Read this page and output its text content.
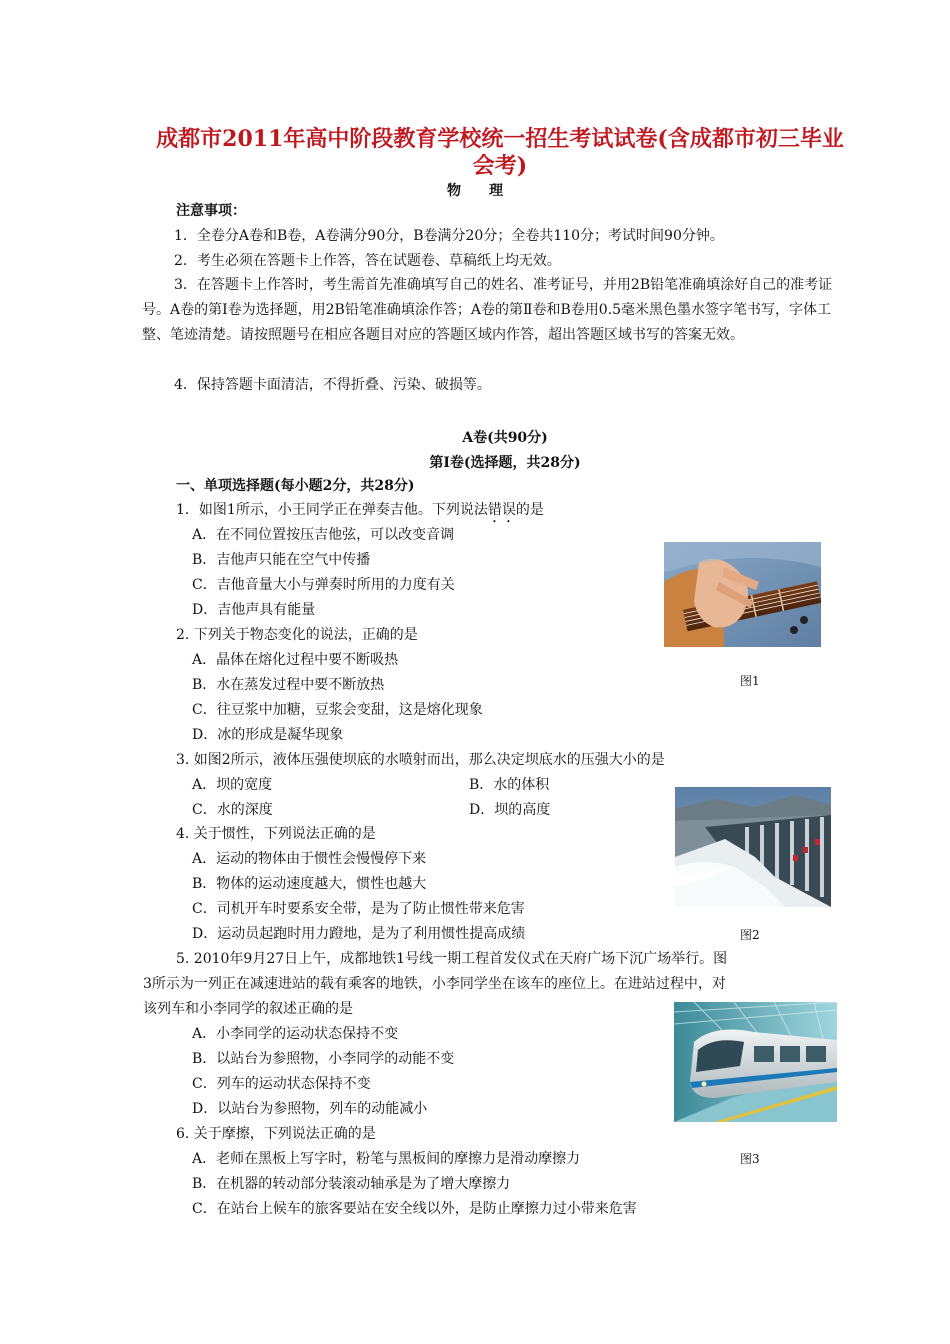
成都市2011年高中阶段教育学校统一招生考试试卷(含成都市初三毕业会考)
物　　理
注意事项：
1．全卷分A卷和B卷，A卷满分90分，B卷满分20分；全卷共110分；考试时间90分钟。
2．考生必须在答题卡上作答，答在试题卷、草稿纸上均无效。
3．在答题卡上作答时，考生需首先准确填写自己的姓名、准考证号，并用2B铅笔准确填涂好自己的准考证号。A卷的第Ⅰ卷为选择题，用2B铅笔准确填涂作答；A卷的第Ⅱ卷和B卷用0.5毫米黑色墨水签字笔书写，字体工整、笔迹清楚。请按照题号在相应各题目对应的答题区域内作答，超出答题区域书写的答案无效。
4．保持答题卡面清洁，不得折叠、污染、破损等。
A卷(共90分)
第Ⅰ卷(选择题，共28分)
一、单项选择题(每小题2分，共28分)
1．如图1所示，小王同学正在弹奏吉他。下列说法错误的是
A．在不同位置按压吉他弦，可以改变音调
B．吉他声只能在空气中传播
C．吉他音量大小与弹奏时所用的力度有关
D．吉他声具有能量
图1
2. 下列关于物态变化的说法，正确的是
A．晶体在熔化过程中要不断吸热
B．水在蒸发过程中要不断放热
C．往豆浆中加糖，豆浆会变甜，这是熔化现象
D．冰的形成是凝华现象
3. 如图2所示，液体压强使坝底的水喷射而出，那么决定坝底水的压强大小的是
A．坝的宽度	B．水的体积
C．水的深度	D．坝的高度
图2
4. 关于惯性，下列说法正确的是
A．运动的物体由于惯性会慢慢停下来
B．物体的运动速度越大，惯性也越大
C．司机开车时要系安全带，是为了防止惯性带来危害
D．运动员起跑时用力蹬地，是为了利用惯性提高成绩
5. 2010年9月27日上午，成都地铁1号线一期工程首发仪式在天府广场下沉广场举行。图
3所示为一列正在减速进站的载有乘客的地铁，小李同学坐在该车的座位上。在进站过程中，对
该列车和小李同学的叙述正确的是
A．小李同学的运动状态保持不变
B．以站台为参照物，小李同学的动能不变
C．列车的运动状态保持不变
D．以站台为参照物，列车的动能减小
图3
6. 关于摩擦，下列说法正确的是
A．老师在黑板上写字时，粉笔与黑板间的摩擦力是滑动摩擦力
B．在机器的转动部分装滚动轴承是为了增大摩擦力
C．在站台上候车的旅客要站在安全线以外，是防止摩擦力过小带来危害
